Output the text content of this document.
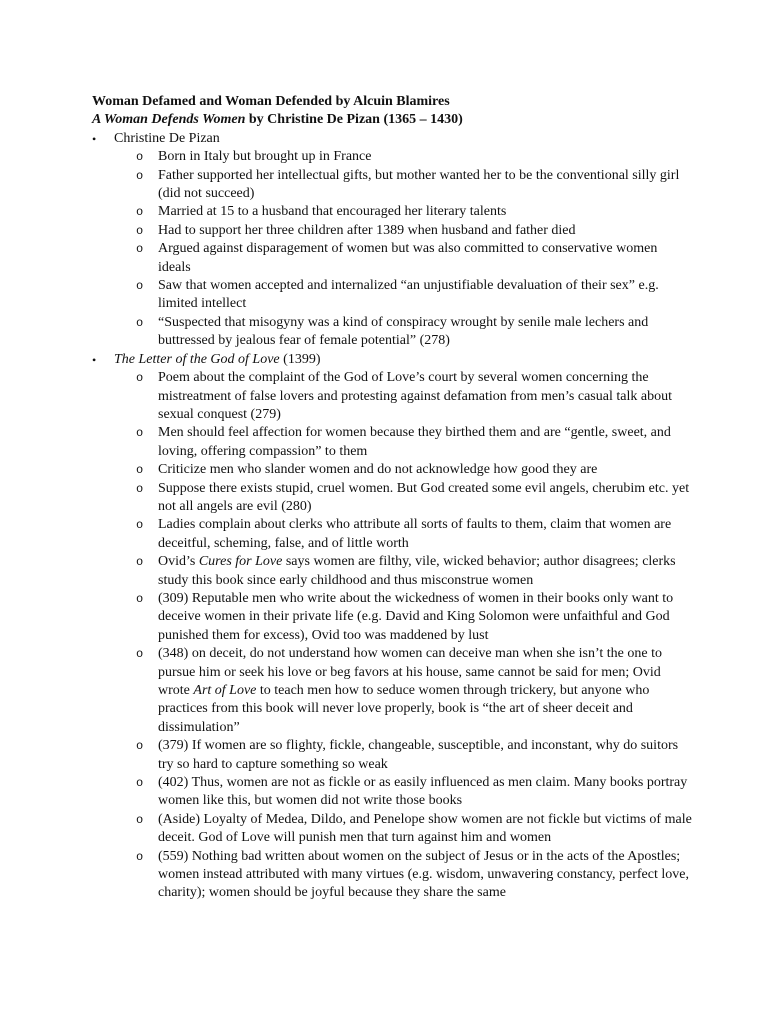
Woman Defamed and Woman Defended by Alcuin Blamires

A Woman Defends Women by Christine De Pizan (1365 – 1430)

• Christine De Pizan
o Born in Italy but brought up in France
o Father supported her intellectual gifts, but mother wanted her to be the conventional silly girl (did not succeed)
o Married at 15 to a husband that encouraged her literary talents
o Had to support her three children after 1389 when husband and father died
o Argued against disparagement of women but was also committed to conservative women ideals
o Saw that women accepted and internalized “an unjustifiable devaluation of their sex” e.g. limited intellect
o “Suspected that misogyny was a kind of conspiracy wrought by senile male lechers and buttressed by jealous fear of female potential” (278)
• The Letter of the God of Love (1399)
o Poem about the complaint of the God of Love’s court by several women concerning the mistreatment of false lovers and protesting against defamation from men’s casual talk about sexual conquest (279)
o Men should feel affection for women because they birthed them and are “gentle, sweet, and loving, offering compassion” to them
o Criticize men who slander women and do not acknowledge how good they are
o Suppose there exists stupid, cruel women. But God created some evil angels, cherubim etc. yet not all angels are evil (280)
o Ladies complain about clerks who attribute all sorts of faults to them, claim that women are deceitful, scheming, false, and of little worth
o Ovid’s Cures for Love says women are filthy, vile, wicked behavior; author disagrees; clerks study this book since early childhood and thus misconstrue women
o (309) Reputable men who write about the wickedness of women in their books only want to deceive women in their private life (e.g. David and King Solomon were unfaithful and God punished them for excess), Ovid too was maddened by lust
o (348) on deceit, do not understand how women can deceive man when she isn’t the one to pursue him or seek his love or beg favors at his house, same cannot be said for men; Ovid wrote Art of Love to teach men how to seduce women through trickery, but anyone who practices from this book will never love properly, book is “the art of sheer deceit and dissimulation”
o (379) If women are so flighty, fickle, changeable, susceptible, and inconstant, why do suitors try so hard to capture something so weak
o (402) Thus, women are not as fickle or as easily influenced as men claim. Many books portray women like this, but women did not write those books
o (Aside) Loyalty of Medea, Dildo, and Penelope show women are not fickle but victims of male deceit. God of Love will punish men that turn against him and women
o (559) Nothing bad written about women on the subject of Jesus or in the acts of the Apostles; women instead attributed with many virtues (e.g. wisdom, unwavering constancy, perfect love, charity); women should be joyful because they share the same
